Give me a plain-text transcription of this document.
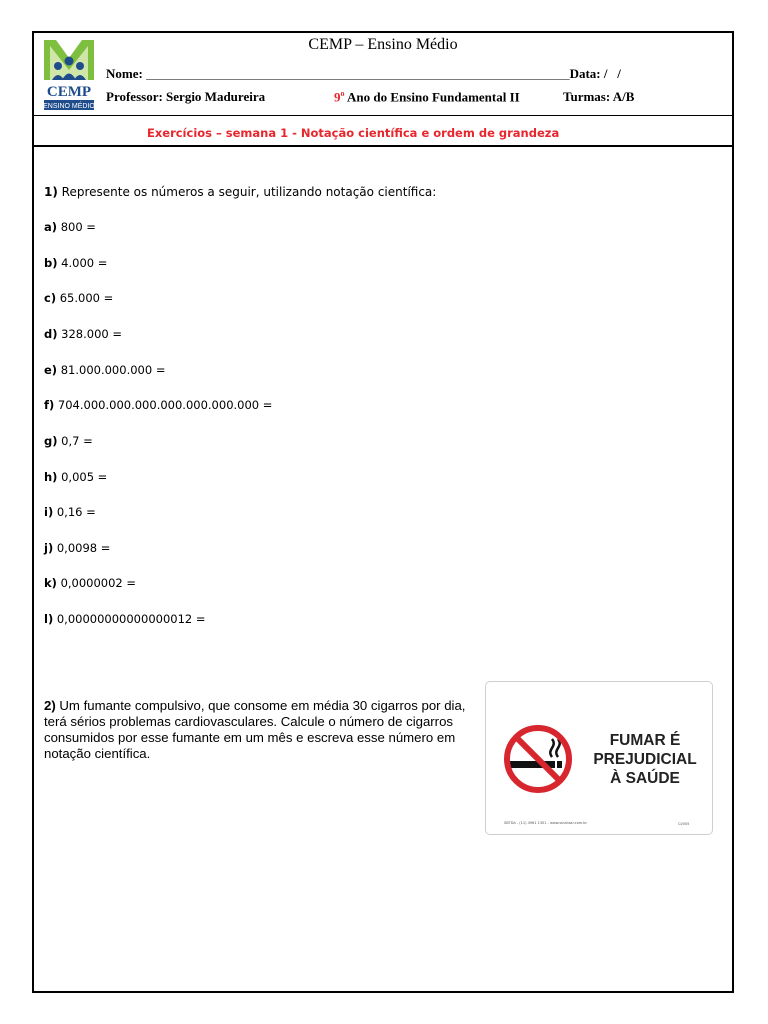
CEMP
ENSINO MÉDIO
CEMP – Ensino Médio
Nome: _____________________________________________________________________________Data: /   /
Professor: Sergio Madureira	9$^o$ Ano do Ensino Fundamental II	Turmas: A/B
Exercícios – semana 1 - Notação científica e ordem de grandeza
1) Represente os números a seguir, utilizando notação científica:
a) 800 =
b) 4.000 =
c) 65.000 =
d) 328.000 =
e) 81.000.000.000 =
f) 704.000.000.000.000.000.000.000 =
g) 0,7 =
h) 0,005 =
i) 0,16 =
j) 0,0098 =
k) 0,0000002 =
l) 0,00000000000000012 =
2) Um fumante compulsivo, que consome em média 30 cigarros por dia, terá sérios problemas cardiovasculares. Calcule o número de cigarros consumidos por esse fumante em um mês e escreva esse número em notação científica.
FUMAR É
PREJUDICIAL
À SAÚDE
SBTDA - (11) 4961 1301 - www.sinalizar.com.br	CI/005
